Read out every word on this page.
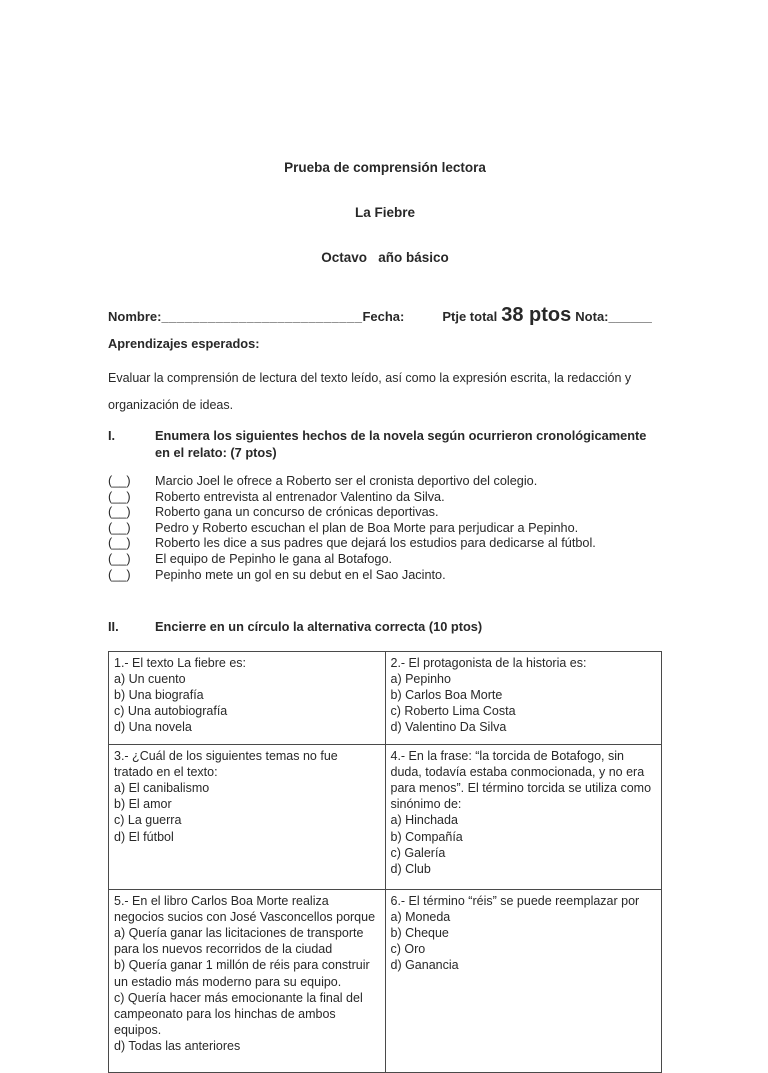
Prueba de comprensión lectora

La Fiebre

Octavo   año básico

Nombre: __________________________ Fecha:	Ptje total 38 ptos Nota: ______
Aprendizajes esperados:
Evaluar la comprensión de lectura del texto leído, así como la expresión escrita, la redacción y organización de ideas.
I.	Enumera los siguientes hechos de la novela según ocurrieron cronológicamente en el relato: (7 ptos)
(__)	Marcio Joel le ofrece a Roberto ser el cronista deportivo del colegio.
(__)	Roberto entrevista al entrenador Valentino da Silva.
(__)	Roberto gana un concurso de crónicas deportivas.
(__)	Pedro y Roberto escuchan el plan de Boa Morte para perjudicar a Pepinho.
(__)	Roberto les dice a sus padres que dejará los estudios para dedicarse al fútbol.
(__)	El equipo de Pepinho le gana al Botafogo.
(__)	Pepinho mete un gol en su debut en el Sao Jacinto.
II.	Encierre en un círculo la alternativa correcta (10 ptos)
1.- El texto La fiebre es:
a) Un cuento
b) Una biografía
c) Una autobiografía
d) Una novela

2.- El protagonista de la historia es:
a) Pepinho
b) Carlos Boa Morte
c) Roberto Lima Costa
d) Valentino Da Silva

3.- ¿Cuál de los siguientes temas no fue tratado en el texto:
a) El canibalismo
b) El amor
c) La guerra
d) El fútbol

4.- En la frase: “la torcida de Botafogo, sin duda, todavía estaba conmocionada, y no era para menos”. El término torcida se utiliza como sinónimo de:
a) Hinchada
b) Compañía
c) Galería
d) Club

5.- En el libro Carlos Boa Morte realiza negocios sucios con José Vasconcellos porque
a) Quería ganar las licitaciones de transporte para los nuevos recorridos de la ciudad
b) Quería ganar 1 millón de réis para construir un estadio más moderno para su equipo.
c) Quería hacer más emocionante la final del campeonato para los hinchas de ambos equipos.
d) Todas las anteriores

6.- El término “réis” se puede reemplazar por
a) Moneda
b) Cheque
c) Oro
d) Ganancia
